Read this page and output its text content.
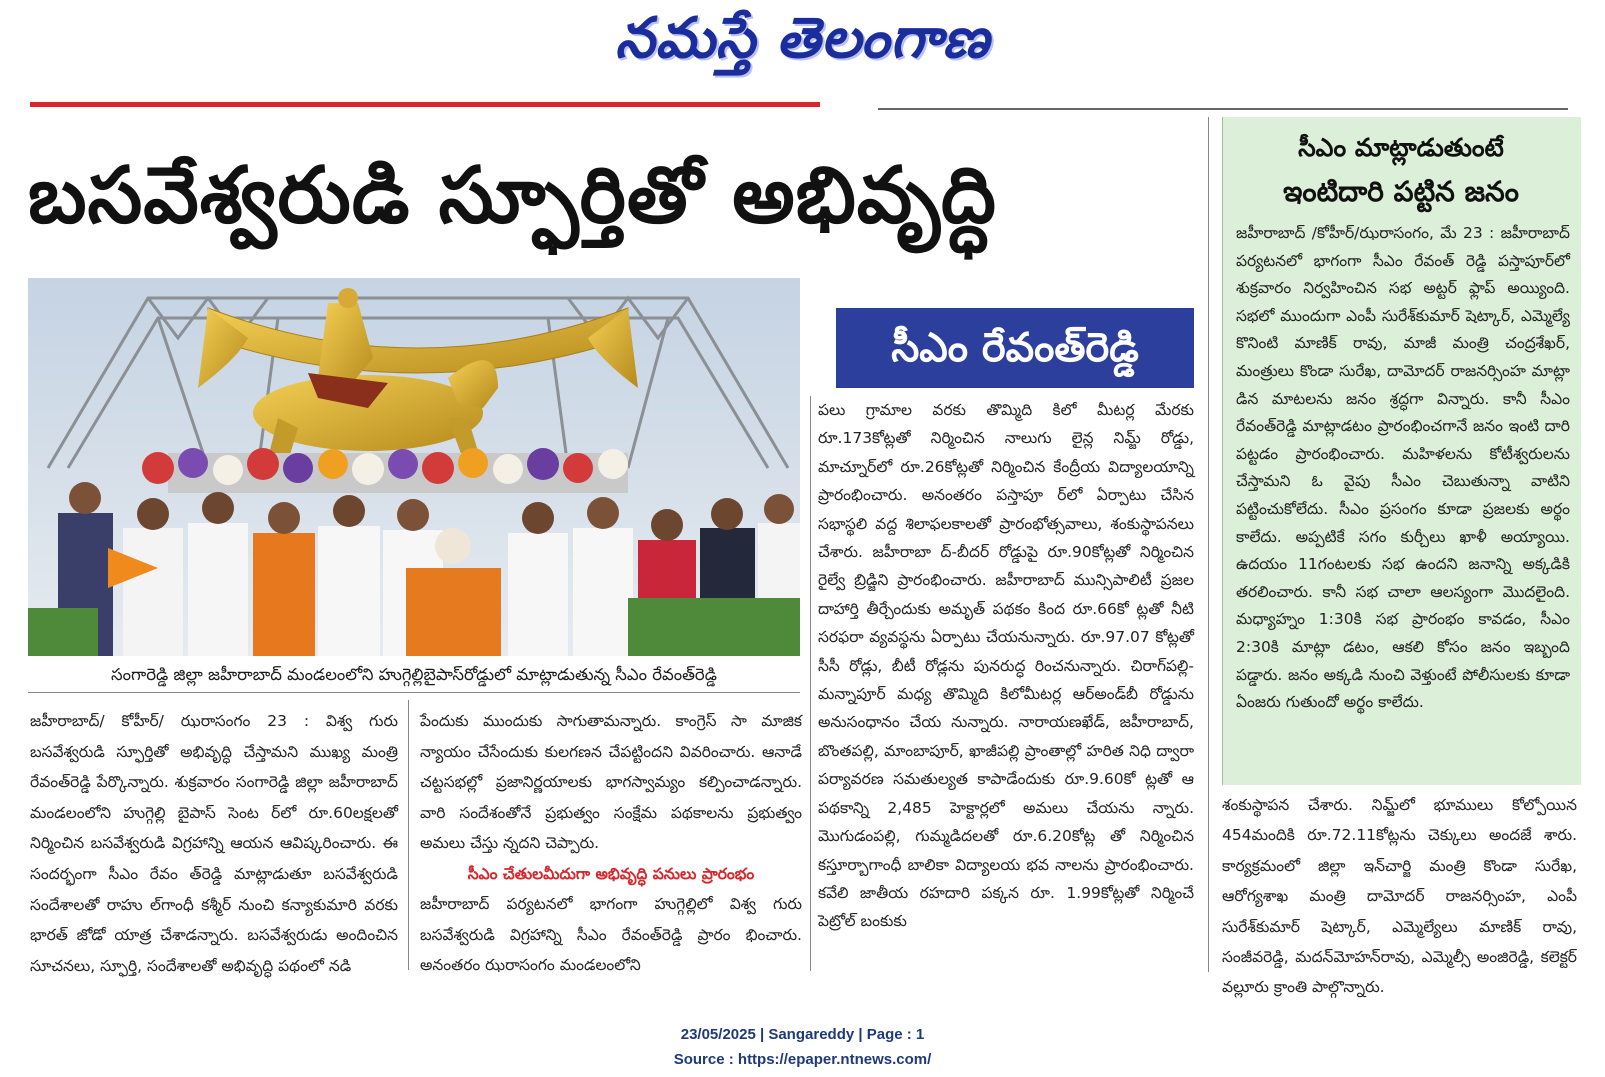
నమస్తే తెలంగాణ
బసవేశ్వరుడి స్ఫూర్తితో అభివృద్ధి
సంగారెడ్డి జిల్లా జహీరాబాద్ మండలంలోని హుగ్గెల్లిబైపాస్‌రోడ్డులో మాట్లాడుతున్న సీఎం రేవంత్‌రెడ్డి

జహీరాబాద్/ కోహీర్/ ఝరాసంగం 23 : విశ్వ గురు బసవేశ్వరుడి స్ఫూర్తితో అభివృద్ధి చేస్తామని ముఖ్య మంత్రి రేవంత్‌రెడ్డి పేర్కొన్నారు. శుక్రవారం సంగారెడ్డి జిల్లా జహీరాబాద్ మండలంలోని హుగ్గెల్లి బైపాస్ సెంట ర్‌లో రూ.60లక్షలతో నిర్మించిన బసవేశ్వరుడి విగ్రహాన్ని ఆయన ఆవిష్కరించారు. ఈ సందర్భంగా సీఎం రేవం త్‌రెడ్డి మాట్లాడుతూ బసవేశ్వరుడి సందేశాలతో రాహు ల్‌గాంధీ కశ్మీర్ నుంచి కన్యాకుమారి వరకు భారత్ జోడో యాత్ర చేశాడన్నారు. బసవేశ్వరుడు అందించిన సూచనలు, స్ఫూర్తి, సందేశాలతో అభివృద్ధి పథంలో నడి

పేందుకు ముందుకు సాగుతామన్నారు. కాంగ్రెస్ సా మాజిక న్యాయం చేసేందుకు కులగణన చేపట్టిందని వివరించారు. ఆనాడే చట్టసభల్లో ప్రజానిర్ణయాలకు భాగస్వామ్యం కల్పించాడన్నారు. వారి సందేశంతోనే ప్రభుత్వం సంక్షేమ పథకాలను ప్రభుత్వం అమలు చేస్తు న్నదని చెప్పారు.

సీఎం చేతులమీదుగా అభివృద్ధి పనులు ప్రారంభం

జహీరాబాద్ పర్యటనలో భాగంగా హుగ్గెల్లిలో విశ్వ గురు బసవేశ్వరుడి విగ్రహాన్ని సీఎం రేవంత్‌రెడ్డి ప్రారం భించారు. అనంతరం ఝరాసంగం మండలంలోని

సీఎం రేవంత్‌రెడ్డి

పలు గ్రామాల వరకు తొమ్మిది కిలో మీటర్ల మేరకు రూ.173కోట్లతో నిర్మించిన నాలుగు లైన్ల నిమ్జ్ రోడ్డు, మాచ్నూర్‌లో రూ.26కోట్లతో నిర్మించిన కేంద్రీయ విద్యాలయాన్ని ప్రారంభించారు. అనంతరం పస్తాపూ ర్‌లో ఏర్పాటు చేసిన సభాస్థలి వద్ద శిలాఫలకాలతో ప్రారంభోత్సవాలు, శంకుస్థాపనలు చేశారు. జహీరాబా ద్-బీదర్ రోడ్డుపై రూ.90కోట్లతో నిర్మించిన రైల్వే బ్రిడ్జిని ప్రారంభించారు. జహీరాబాద్ మున్సిపాలిటీ ప్రజల దాహార్తి తీర్చేందుకు అమృత్ పథకం కింద రూ.66కో ట్లతో నీటి సరఫరా వ్యవస్థను ఏర్పాటు చేయనున్నారు. రూ.97.07 కోట్లతో సీసీ రోడ్లు, బీటీ రోడ్లను పునరుద్ధ రించనున్నారు. చిరాగ్‌పల్లి-మన్నాపూర్ మధ్య తొమ్మిది కిలోమీటర్ల ఆర్‌అండ్‌బీ రోడ్డును అనుసంధానం చేయ నున్నారు. నారాయణఖేడ్, జహీరాబాద్, బొంతపల్లి, మాంబాపూర్, ఖాజీపల్లి ప్రాంతాల్లో హరిత నిధి ద్వారా పర్యావరణ సమతుల్యత కాపాడేందుకు రూ.9.60కో ట్లతో ఆ పథకాన్ని 2,485 హెక్టార్లలో అమలు చేయను న్నారు. మొగుడంపల్లి, గుమ్మడిదలతో రూ.6.20కోట్ల తో నిర్మించిన కస్తూర్బాగాంధీ బాలికా విద్యాలయ భవ నాలను ప్రారంభించారు. కవేలి జాతీయ రహదారి పక్కన రూ. 1.99కోట్లతో నిర్మించే పెట్రోల్ బంకుకు

సీఎం మాట్లాడుతుంటే
ఇంటిదారి పట్టిన జనం
జహీరాబాద్ /కోహీర్/ఝరాసంగం, మే 23 : జహీరాబాద్ పర్యటనలో భాగంగా సీఎం రేవంత్ రెడ్డి పస్తాపూర్‌లో శుక్రవారం నిర్వహించిన సభ అట్టర్ ఫ్లాప్ అయ్యింది. సభలో ముందుగా ఎంపీ సురేశ్‌కుమార్ షెట్కార్, ఎమ్మెల్యే కొనింటి మాణిక్ రావు, మాజీ మంత్రి చంద్రశేఖర్, మంత్రులు కొండా సురేఖ, దామోదర్ రాజనర్సింహ మాట్లా డిన మాటలను జనం శ్రద్ధగా విన్నారు. కానీ సీఎం రేవంత్‌రెడ్డి మాట్లాడటం ప్రారంభించగానే జనం ఇంటి దారి పట్టడం ప్రారంభించారు. మహిళలను కోటీశ్వరులను చేస్తామని ఓ వైపు సీఎం చెబుతున్నా వాటిని పట్టించుకోలేదు. సీఎం ప్రసంగం కూడా ప్రజలకు అర్థం కాలేదు. అప్పటికే సగం కుర్చీలు ఖాళీ అయ్యాయి. ఉదయం 11గంటలకు సభ ఉందని జనాన్ని అక్కడికి తరలించారు. కానీ సభ చాలా ఆలస్యంగా మొదలైంది. మధ్యాహ్నం 1:30కి సభ ప్రారంభం కావడం, సీఎం 2:30కి మాట్లా డటం, ఆకలి కోసం జనం ఇబ్బంది పడ్డారు. జనం అక్కడి నుంచి వెళ్తుంటే పోలీసులకు కూడా ఏంజరు గుతుందో అర్థం కాలేదు.

శంకుస్థాపన చేశారు. నిమ్జ్‌లో భూములు కోల్పోయిన 454మందికి రూ.72.11కోట్లను చెక్కులు అందజే శారు. కార్యక్రమంలో జిల్లా ఇన్‌చార్జి మంత్రి కొండా సురేఖ, ఆరోగ్యశాఖ మంత్రి దామోదర్ రాజనర్సింహ, ఎంపీ సురేశ్‌కుమార్ షెట్కార్, ఎమ్మెల్యేలు మాణిక్ రావు, సంజీవరెడ్డి, మదన్‌మోహన్‌రావు, ఎమ్మెల్సీ అంజిరెడ్డి, కలెక్టర్ వల్లూరు క్రాంతి పాల్గొన్నారు.

23/05/2025 | Sangareddy | Page : 1
Source : https://epaper.ntnews.com/
